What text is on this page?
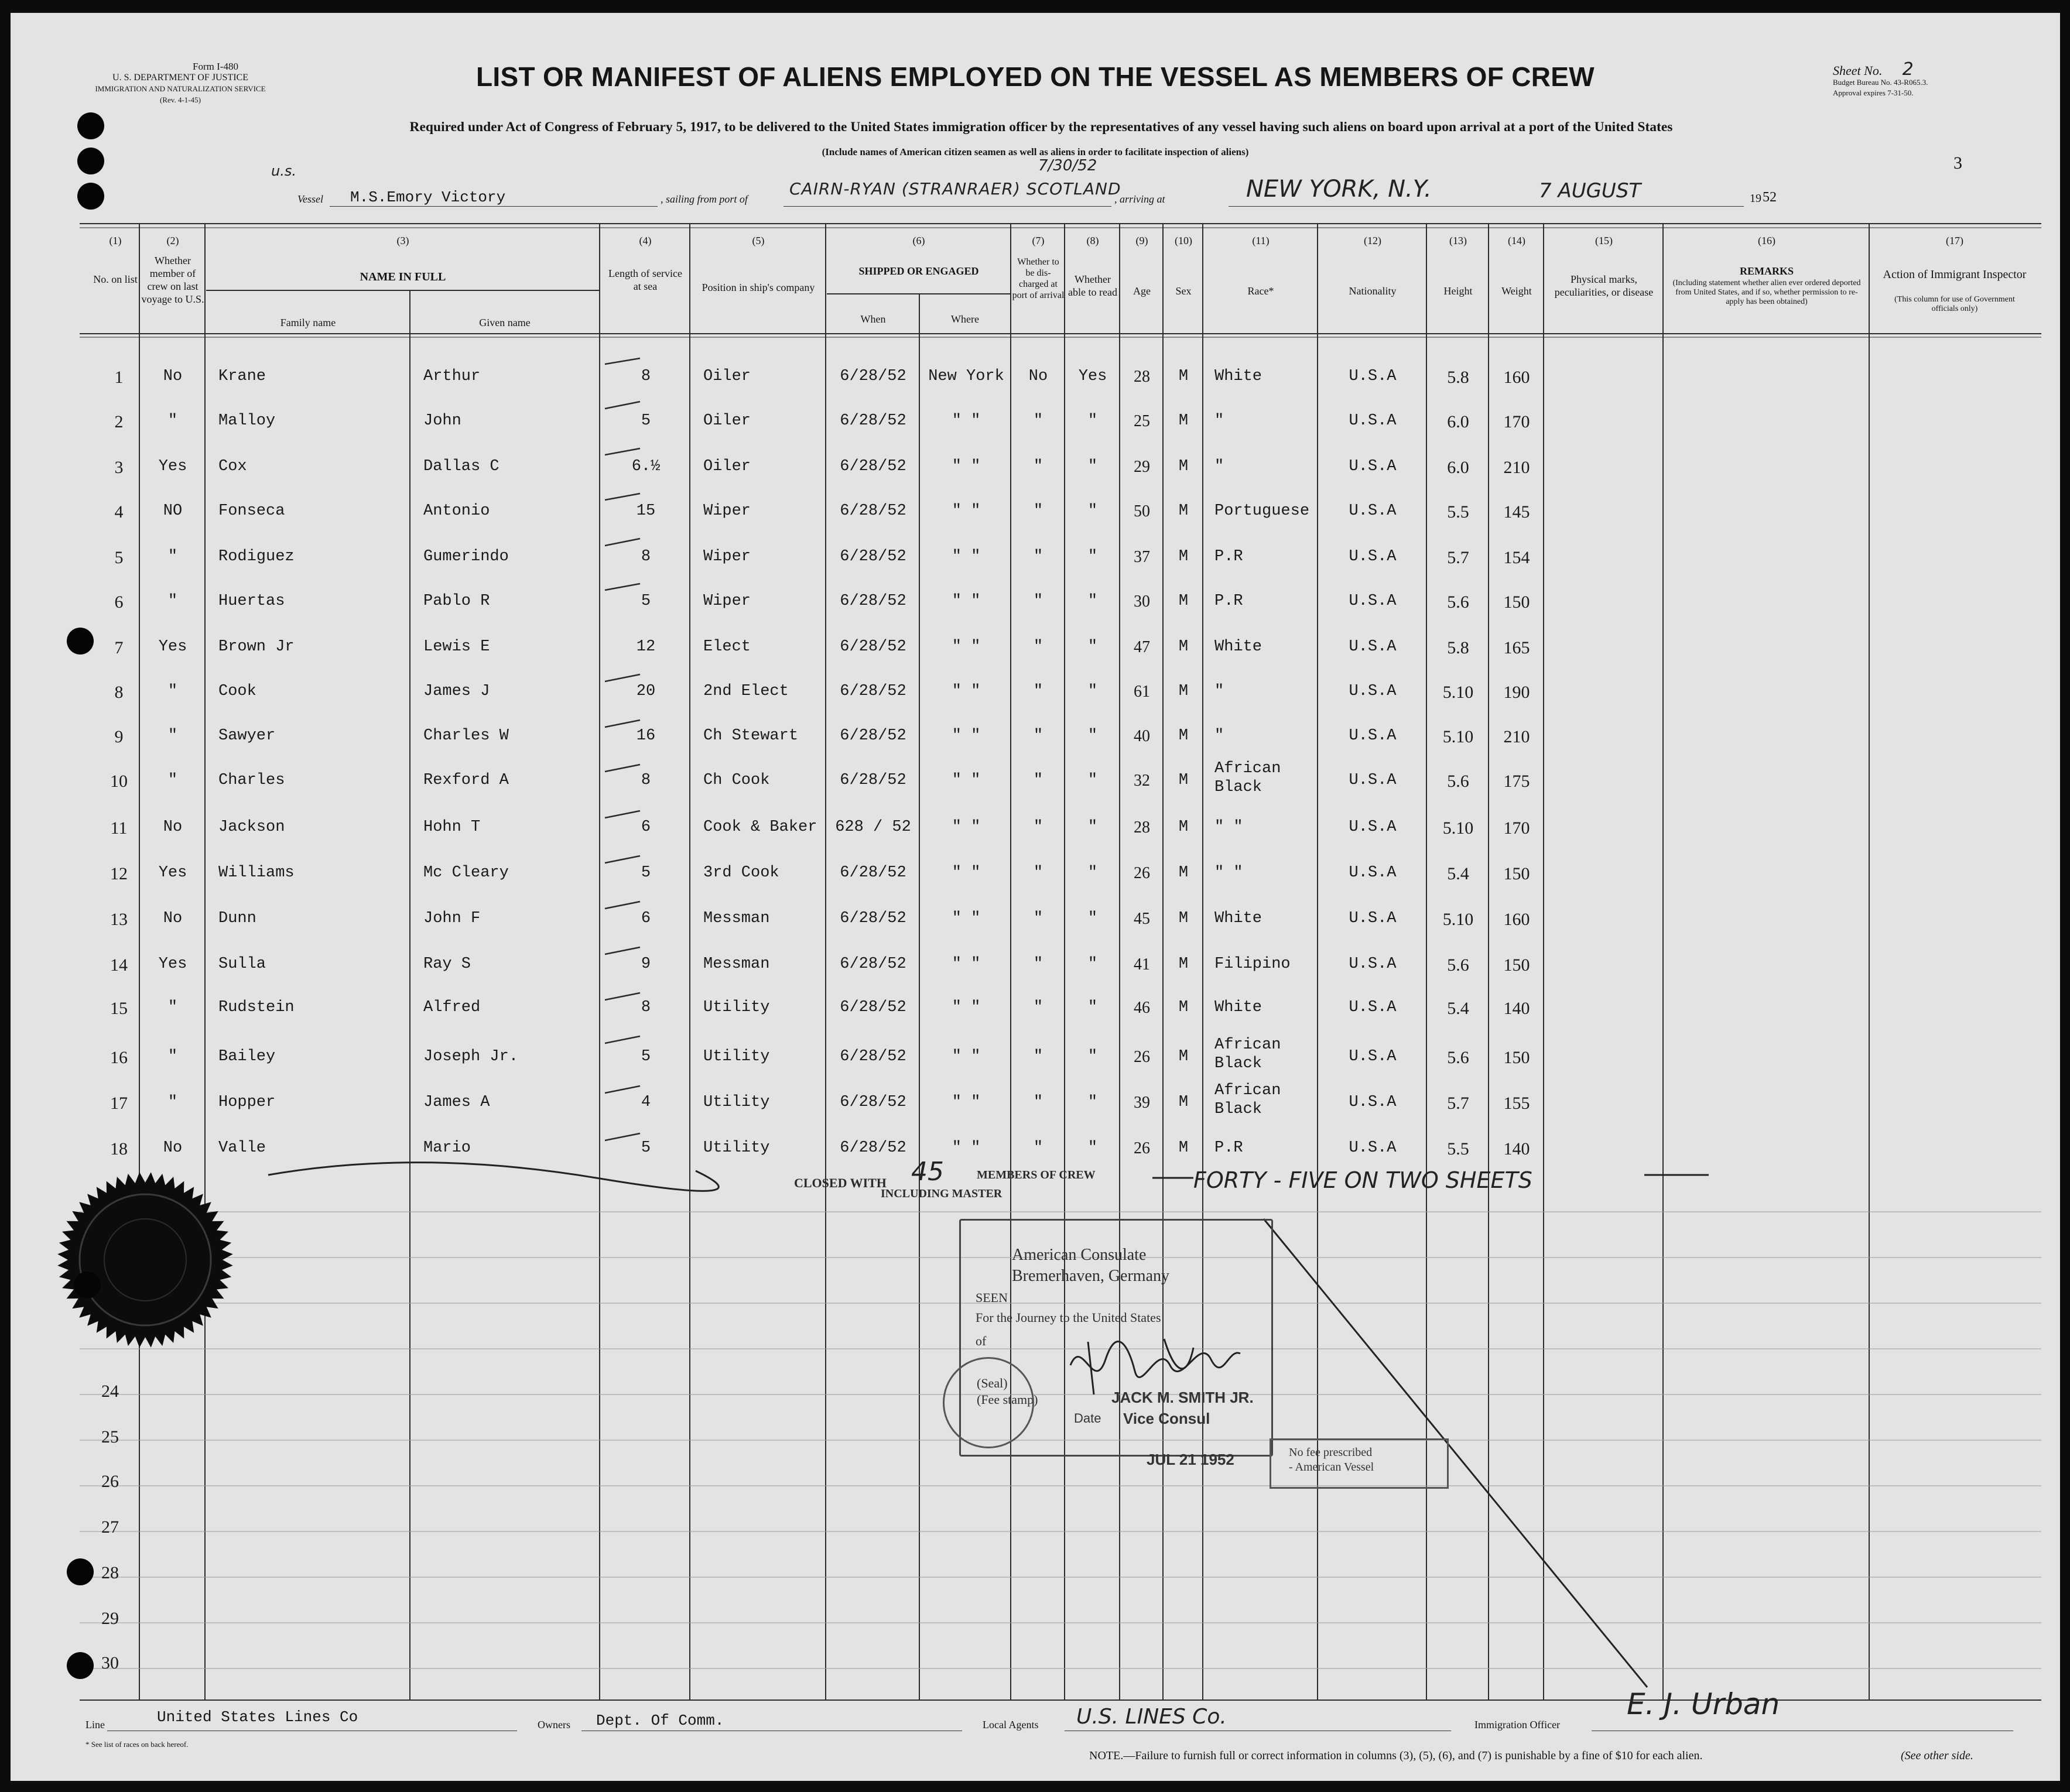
Form I-480
U. S. DEPARTMENT OF JUSTICE
IMMIGRATION AND NATURALIZATION SERVICE
(Rev. 4-1-45)
LIST OR MANIFEST OF ALIENS EMPLOYED ON THE VESSEL AS MEMBERS OF CREW
Required under Act of Congress of February 5, 1917, to be delivered to the United States immigration officer by the representatives of any vessel having such aliens on board upon arrival at a port of the United States
(Include names of American citizen seamen as well as aliens in order to facilitate inspection of aliens)
Sheet No. 2
Budget Bureau No. 43-R065.3.
Approval expires 7-31-50.
3
u.s.
Vessel M.S.Emory Victory	, sailing from port of
CAIRN-RYAN (STRANRAER) SCOTLAND
7/30/52
, arriving at	NEW YORK, N.Y.	7 AUGUST	19 52
(1)
No. on list
(2)
Whether member of crew on last voyage to U.S.
(3)
NAME IN FULL
Family name	Given name
(4)
Length of service at sea
(5)
Position in ship's company
(6)
SHIPPED OR ENGAGED
When	Where
(7)
Whether to be dis-charged at port of arrival
(8)
Whether able to read
(9)
Age
(10)
Sex
(11)
Race*
(12)
Nationality
(13)
Height
(14)
Weight
(15)
Physical marks, peculiarities, or disease
(16)
REMARKS
(Including statement whether alien ever ordered deported from United States, and if so, whether permission to re-apply has been obtained)
(17)
Action of Immigrant Inspector
(This column for use of Government officials only)
1	No	Krane	Arthur	8	Oiler	6/28/52	New York	No	Yes	28	M	White	U.S.A	5.8	160
2	"	Malloy	John	5	Oiler	6/28/52	" "	"	"	25	M	"	U.S.A	6.0	170
3	Yes	Cox	Dallas C	6.½	Oiler	6/28/52	" "	"	"	29	M	"	U.S.A	6.0	210
4	NO	Fonseca	Antonio	15	Wiper	6/28/52	" "	"	"	50	M	Portuguese	U.S.A	5.5	145
5	"	Rodiguez	Gumerindo	8	Wiper	6/28/52	" "	"	"	37	M	P.R	U.S.A	5.7	154
6	"	Huertas	Pablo R	5	Wiper	6/28/52	" "	"	"	30	M	P.R	U.S.A	5.6	150
7	Yes	Brown Jr	Lewis E	12	Elect	6/28/52	" "	"	"	47	M	White	U.S.A	5.8	165
8	"	Cook	James J	20	2nd Elect	6/28/52	" "	"	"	61	M	"	U.S.A	5.10	190
9	"	Sawyer	Charles W	16	Ch Stewart	6/28/52	" "	"	"	40	M	"	U.S.A	5.10	210
10	"	Charles	Rexford A	8	Ch Cook	6/28/52	" "	"	"	32	M
African
Black	U.S.A	5.6	175
11	No	Jackson	Hohn T	6	Cook & Baker	628 / 52	" "	"	"	28	M	" "	U.S.A	5.10	170
12	Yes	Williams	Mc Cleary	5	3rd Cook	6/28/52	" "	"	"	26	M	" "	U.S.A	5.4	150
13	No	Dunn	John F	6	Messman	6/28/52	" "	"	"	45	M	White	U.S.A	5.10	160
14	Yes	Sulla	Ray S	9	Messman	6/28/52	" "	"	"	41	M	Filipino	U.S.A	5.6	150
15	"	Rudstein	Alfred	8	Utility	6/28/52	" "	"	"	46	M	White	U.S.A	5.4	140
16	"	Bailey	Joseph Jr.	5	Utility	6/28/52	" "	"	"	26	M
African
Black	U.S.A	5.6	150
17	"	Hopper	James A	4	Utility	6/28/52	" "	"	"	39	M
African
Black	U.S.A	5.7	155
18	No	Valle	Mario	5	Utility	6/28/52	" "	"	"	26	M	P.R	U.S.A	5.5	140
24
25
26
27
28
29
30
CLOSED WITH 45	MEMBERS OF CREW
INCLUDING MASTER
FORTY - FIVE ON TWO SHEETS
American Consulate
Bremerhaven, Germany
SEEN
For the Journey to the United States
of
(Seal)
(Fee stamp)	JACK M. SMITH JR.
Date Vice Consul
JUL 21 1952	No fee prescribed
- American Vessel
Line	United States Lines Co	Owners Dept. Of Comm.	Local Agents U.S. LINES Co.	Immigration Officer
E. J. Urban
* See list of races on back hereof.
NOTE.—Failure to furnish full or correct information in columns (3), (5), (6), and (7) is punishable by a fine of $10 for each alien.	(See other side.
